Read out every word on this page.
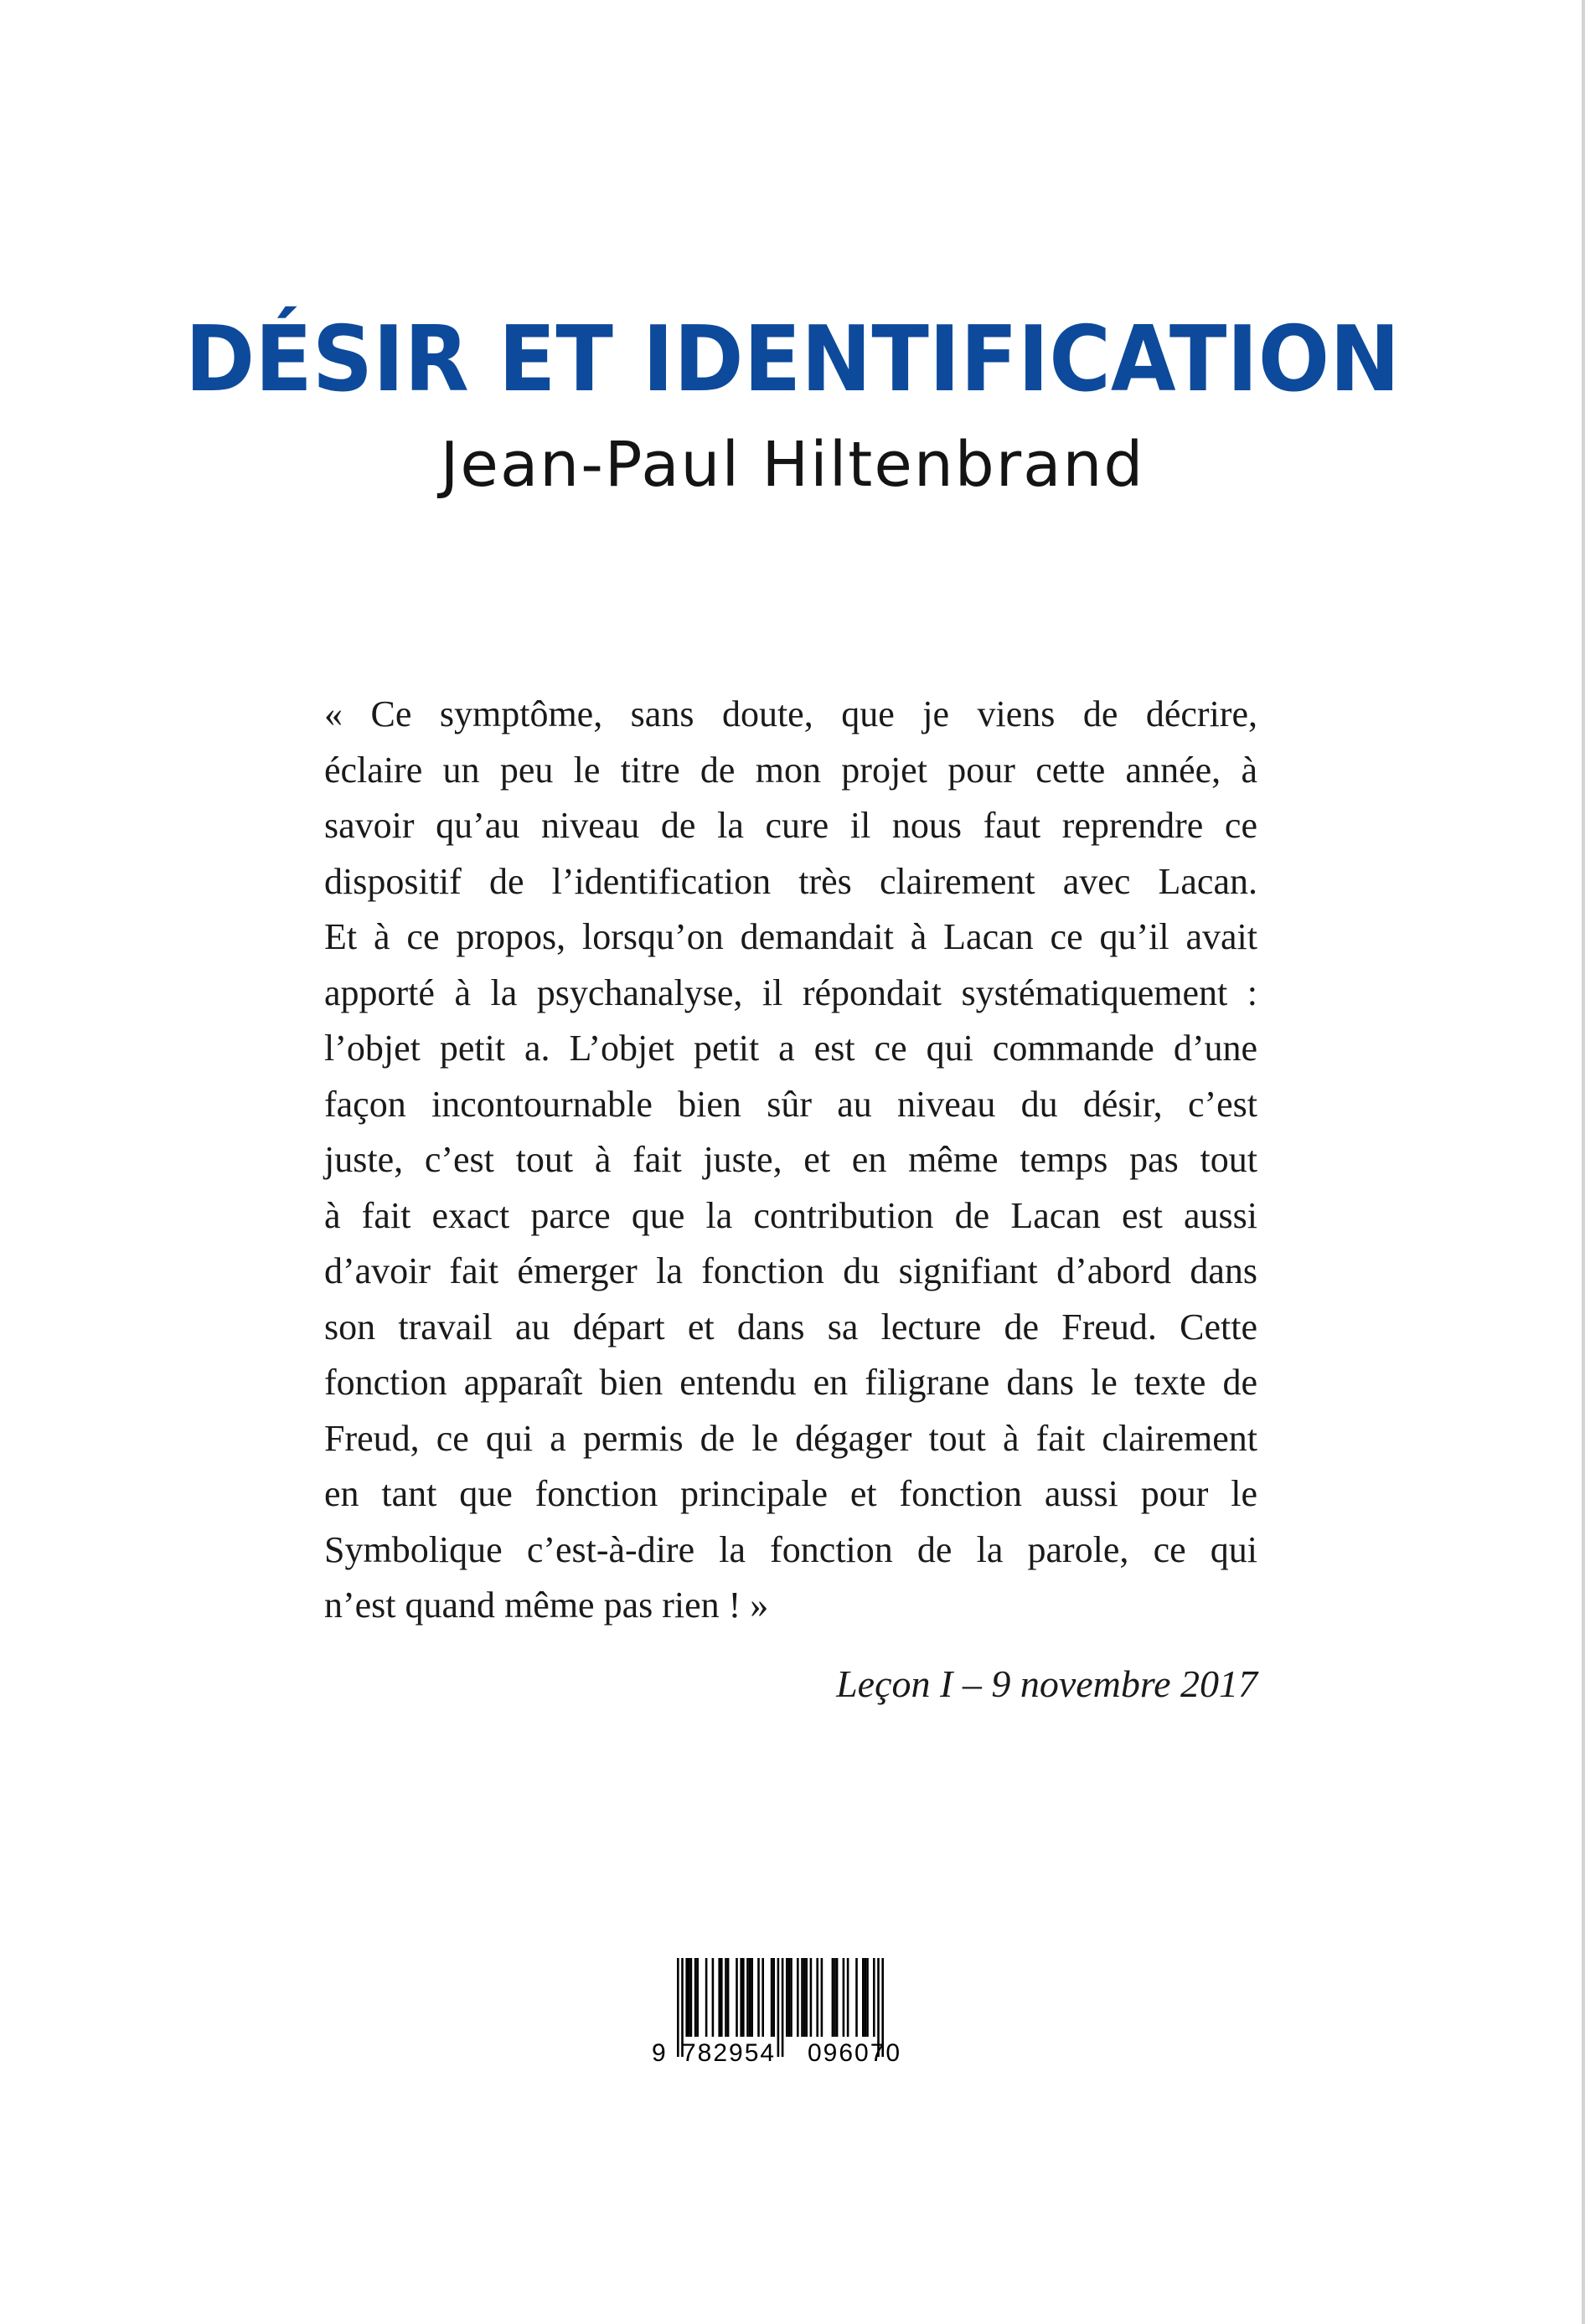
DÉSIR ET IDENTIFICATION
Jean-Paul Hiltenbrand
« Ce symptôme, sans doute, que je viens de décrire,
éclaire un peu le titre de mon projet pour cette année, à
savoir qu’au niveau de la cure il nous faut reprendre ce
dispositif de l’identification très clairement avec Lacan.
Et à ce propos, lorsqu’on demandait à Lacan ce qu’il avait
apporté à la psychanalyse, il répondait systématiquement :
l’objet petit a. L’objet petit a est ce qui commande d’une
façon incontournable bien sûr au niveau du désir, c’est
juste, c’est tout à fait juste, et en même temps pas tout
à fait exact parce que la contribution de Lacan est aussi
d’avoir fait émerger la fonction du signifiant d’abord dans
son travail au départ et dans sa lecture de Freud. Cette
fonction apparaît bien entendu en filigrane dans le texte de
Freud, ce qui a permis de le dégager tout à fait clairement
en tant que fonction principale et fonction aussi pour le
Symbolique c’est-à-dire la fonction de la parole, ce qui
n’est quand même pas rien ! »
Leçon I – 9 novembre 2017
9 782954 096070
